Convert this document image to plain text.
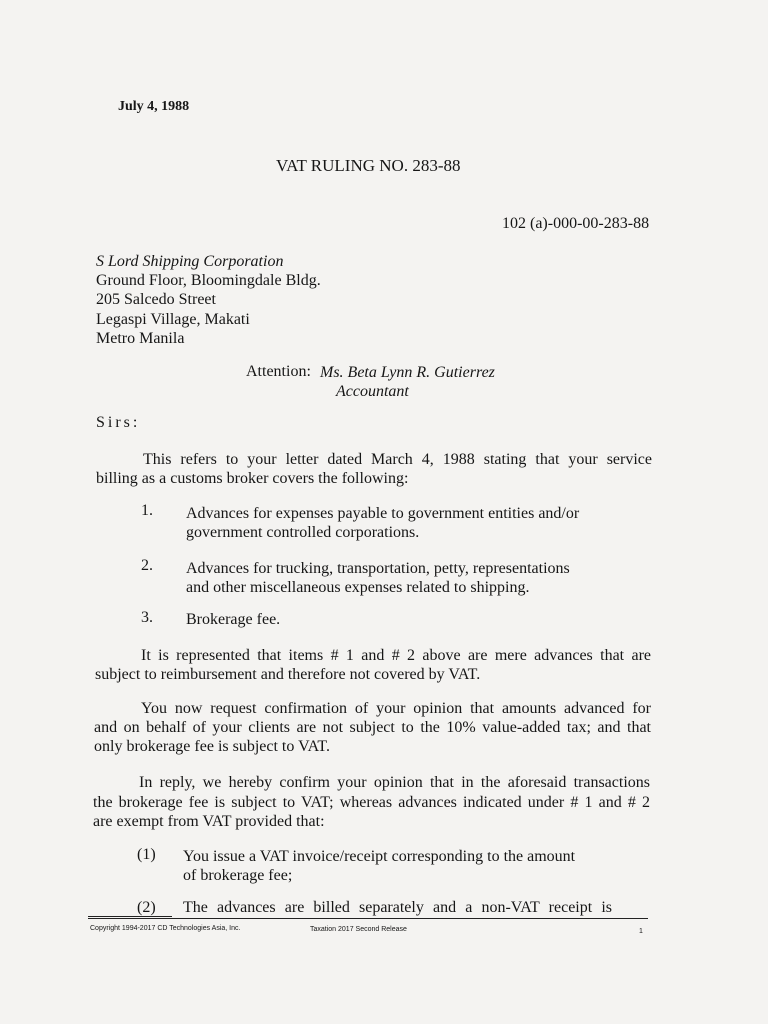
July 4, 1988
VAT RULING NO. 283-88
102 (a)-000-00-283-88
S Lord Shipping Corporation
Ground Floor, Bloomingdale Bldg.
205 Salcedo Street
Legaspi Village, Makati
Metro Manila
Attention: Ms. Beta Lynn R. Gutierrez
Accountant
Sirs:
This refers to your letter dated March 4, 1988 stating that your service
billing as a customs broker covers the following:
1. Advances for expenses payable to government entities and/or
government controlled corporations.
2. Advances for trucking, transportation, petty, representations
and other miscellaneous expenses related to shipping.
3. Brokerage fee.
It is represented that items # 1 and # 2 above are mere advances that are
subject to reimbursement and therefore not covered by VAT.
You now request confirmation of your opinion that amounts advanced for
and on behalf of your clients are not subject to the 10% value-added tax; and that
only brokerage fee is subject to VAT.
In reply, we hereby confirm your opinion that in the aforesaid transactions
the brokerage fee is subject to VAT; whereas advances indicated under # 1 and # 2
are exempt from VAT provided that:
(1) You issue a VAT invoice/receipt corresponding to the amount
of brokerage fee;
(2) The advances are billed separately and a non-VAT receipt is
Copyright 1994-2017 CD Technologies Asia, Inc.	Taxation 2017 Second Release	1
